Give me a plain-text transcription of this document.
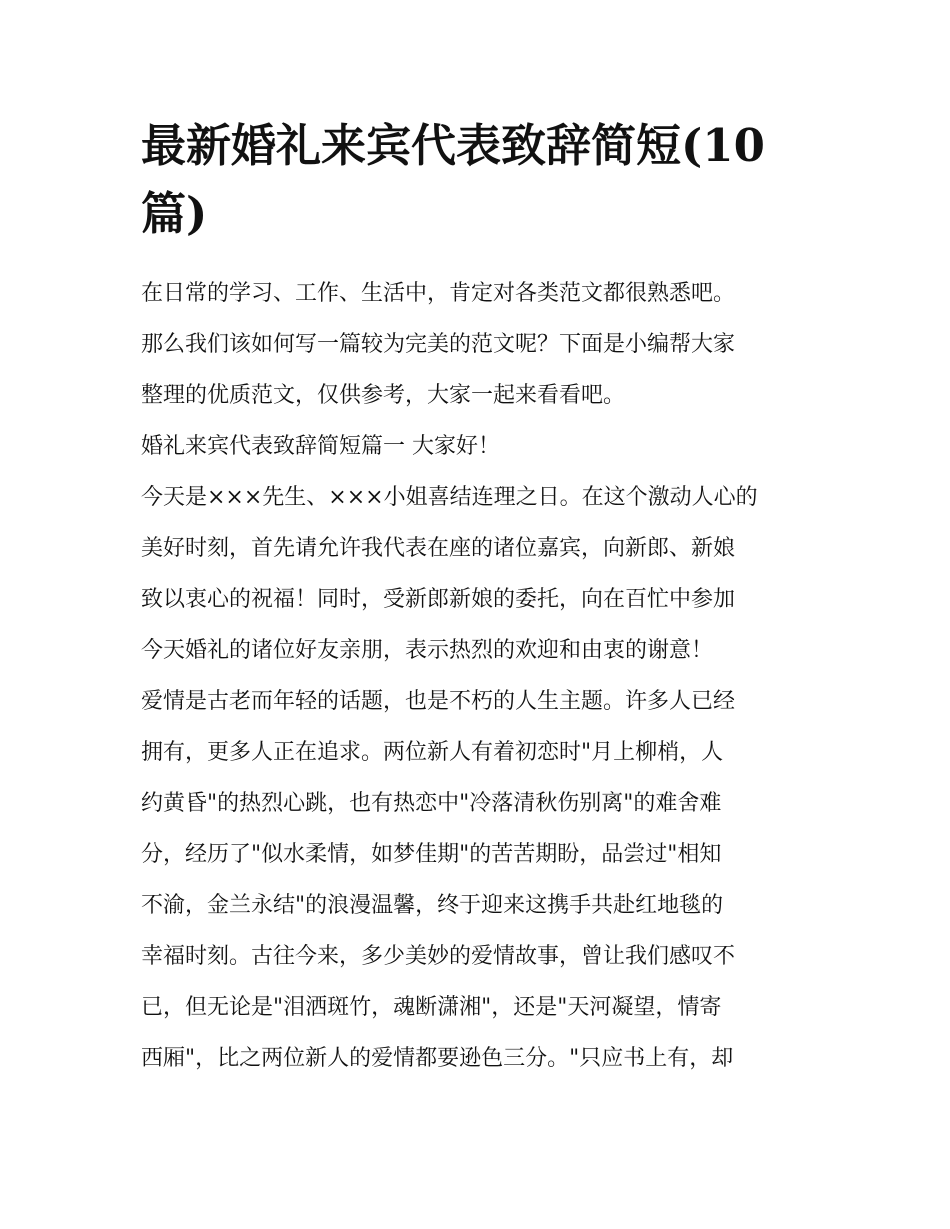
最新婚礼来宾代表致辞简短(10
篇)
在日常的学习、工作、生活中，肯定对各类范文都很熟悉吧。
那么我们该如何写一篇较为完美的范文呢？下面是小编帮大家
整理的优质范文，仅供参考，大家一起来看看吧。
婚礼来宾代表致辞简短篇一 大家好！
今天是×××先生、×××小姐喜结连理之日。在这个激动人心的
美好时刻，首先请允许我代表在座的诸位嘉宾，向新郎、新娘
致以衷心的祝福！同时，受新郎新娘的委托，向在百忙中参加
今天婚礼的诸位好友亲朋，表示热烈的欢迎和由衷的谢意！
爱情是古老而年轻的话题，也是不朽的人生主题。许多人已经
拥有，更多人正在追求。两位新人有着初恋时"月上柳梢，人
约黄昏"的热烈心跳，也有热恋中"冷落清秋伤别离"的难舍难
分，经历了"似水柔情，如梦佳期"的苦苦期盼，品尝过"相知
不渝，金兰永结"的浪漫温馨，终于迎来这携手共赴红地毯的
幸福时刻。古往今来，多少美妙的爱情故事，曾让我们感叹不
已，但无论是"泪洒斑竹，魂断潇湘"，还是"天河凝望，情寄
西厢"，比之两位新人的爱情都要逊色三分。"只应书上有，却
